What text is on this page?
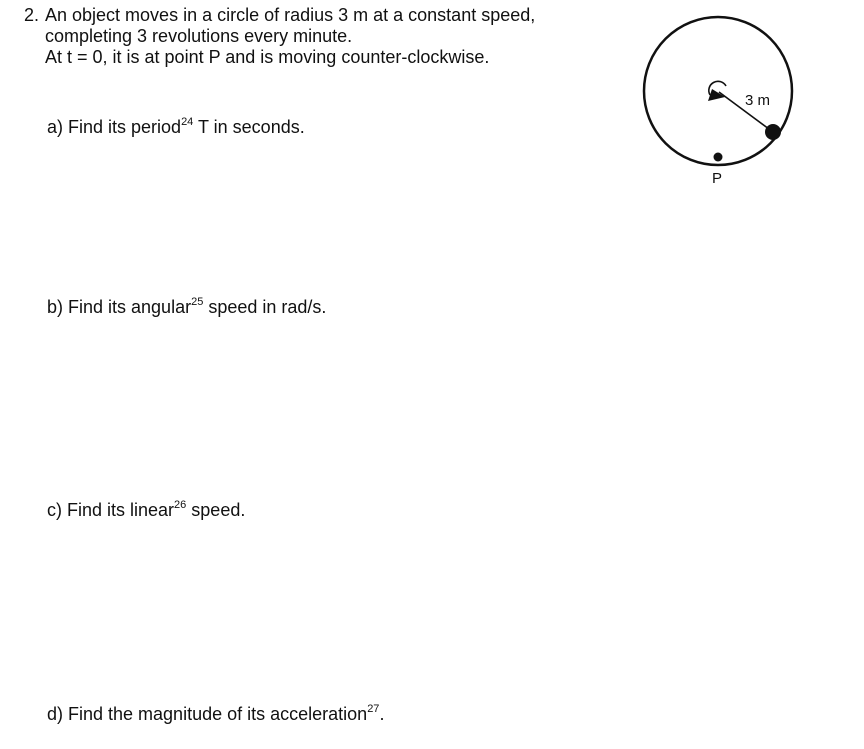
2. An object moves in a circle of radius 3 m at a constant speed,
completing 3 revolutions every minute.
At t = 0, it is at point P and is moving counter-clockwise.
a) Find its period$^{24}$ T in seconds.
b) Find its angular$^{25}$ speed in rad/s.
c) Find its linear$^{26}$ speed.
d) Find the magnitude of its acceleration$^{27}$.
3 m
P
